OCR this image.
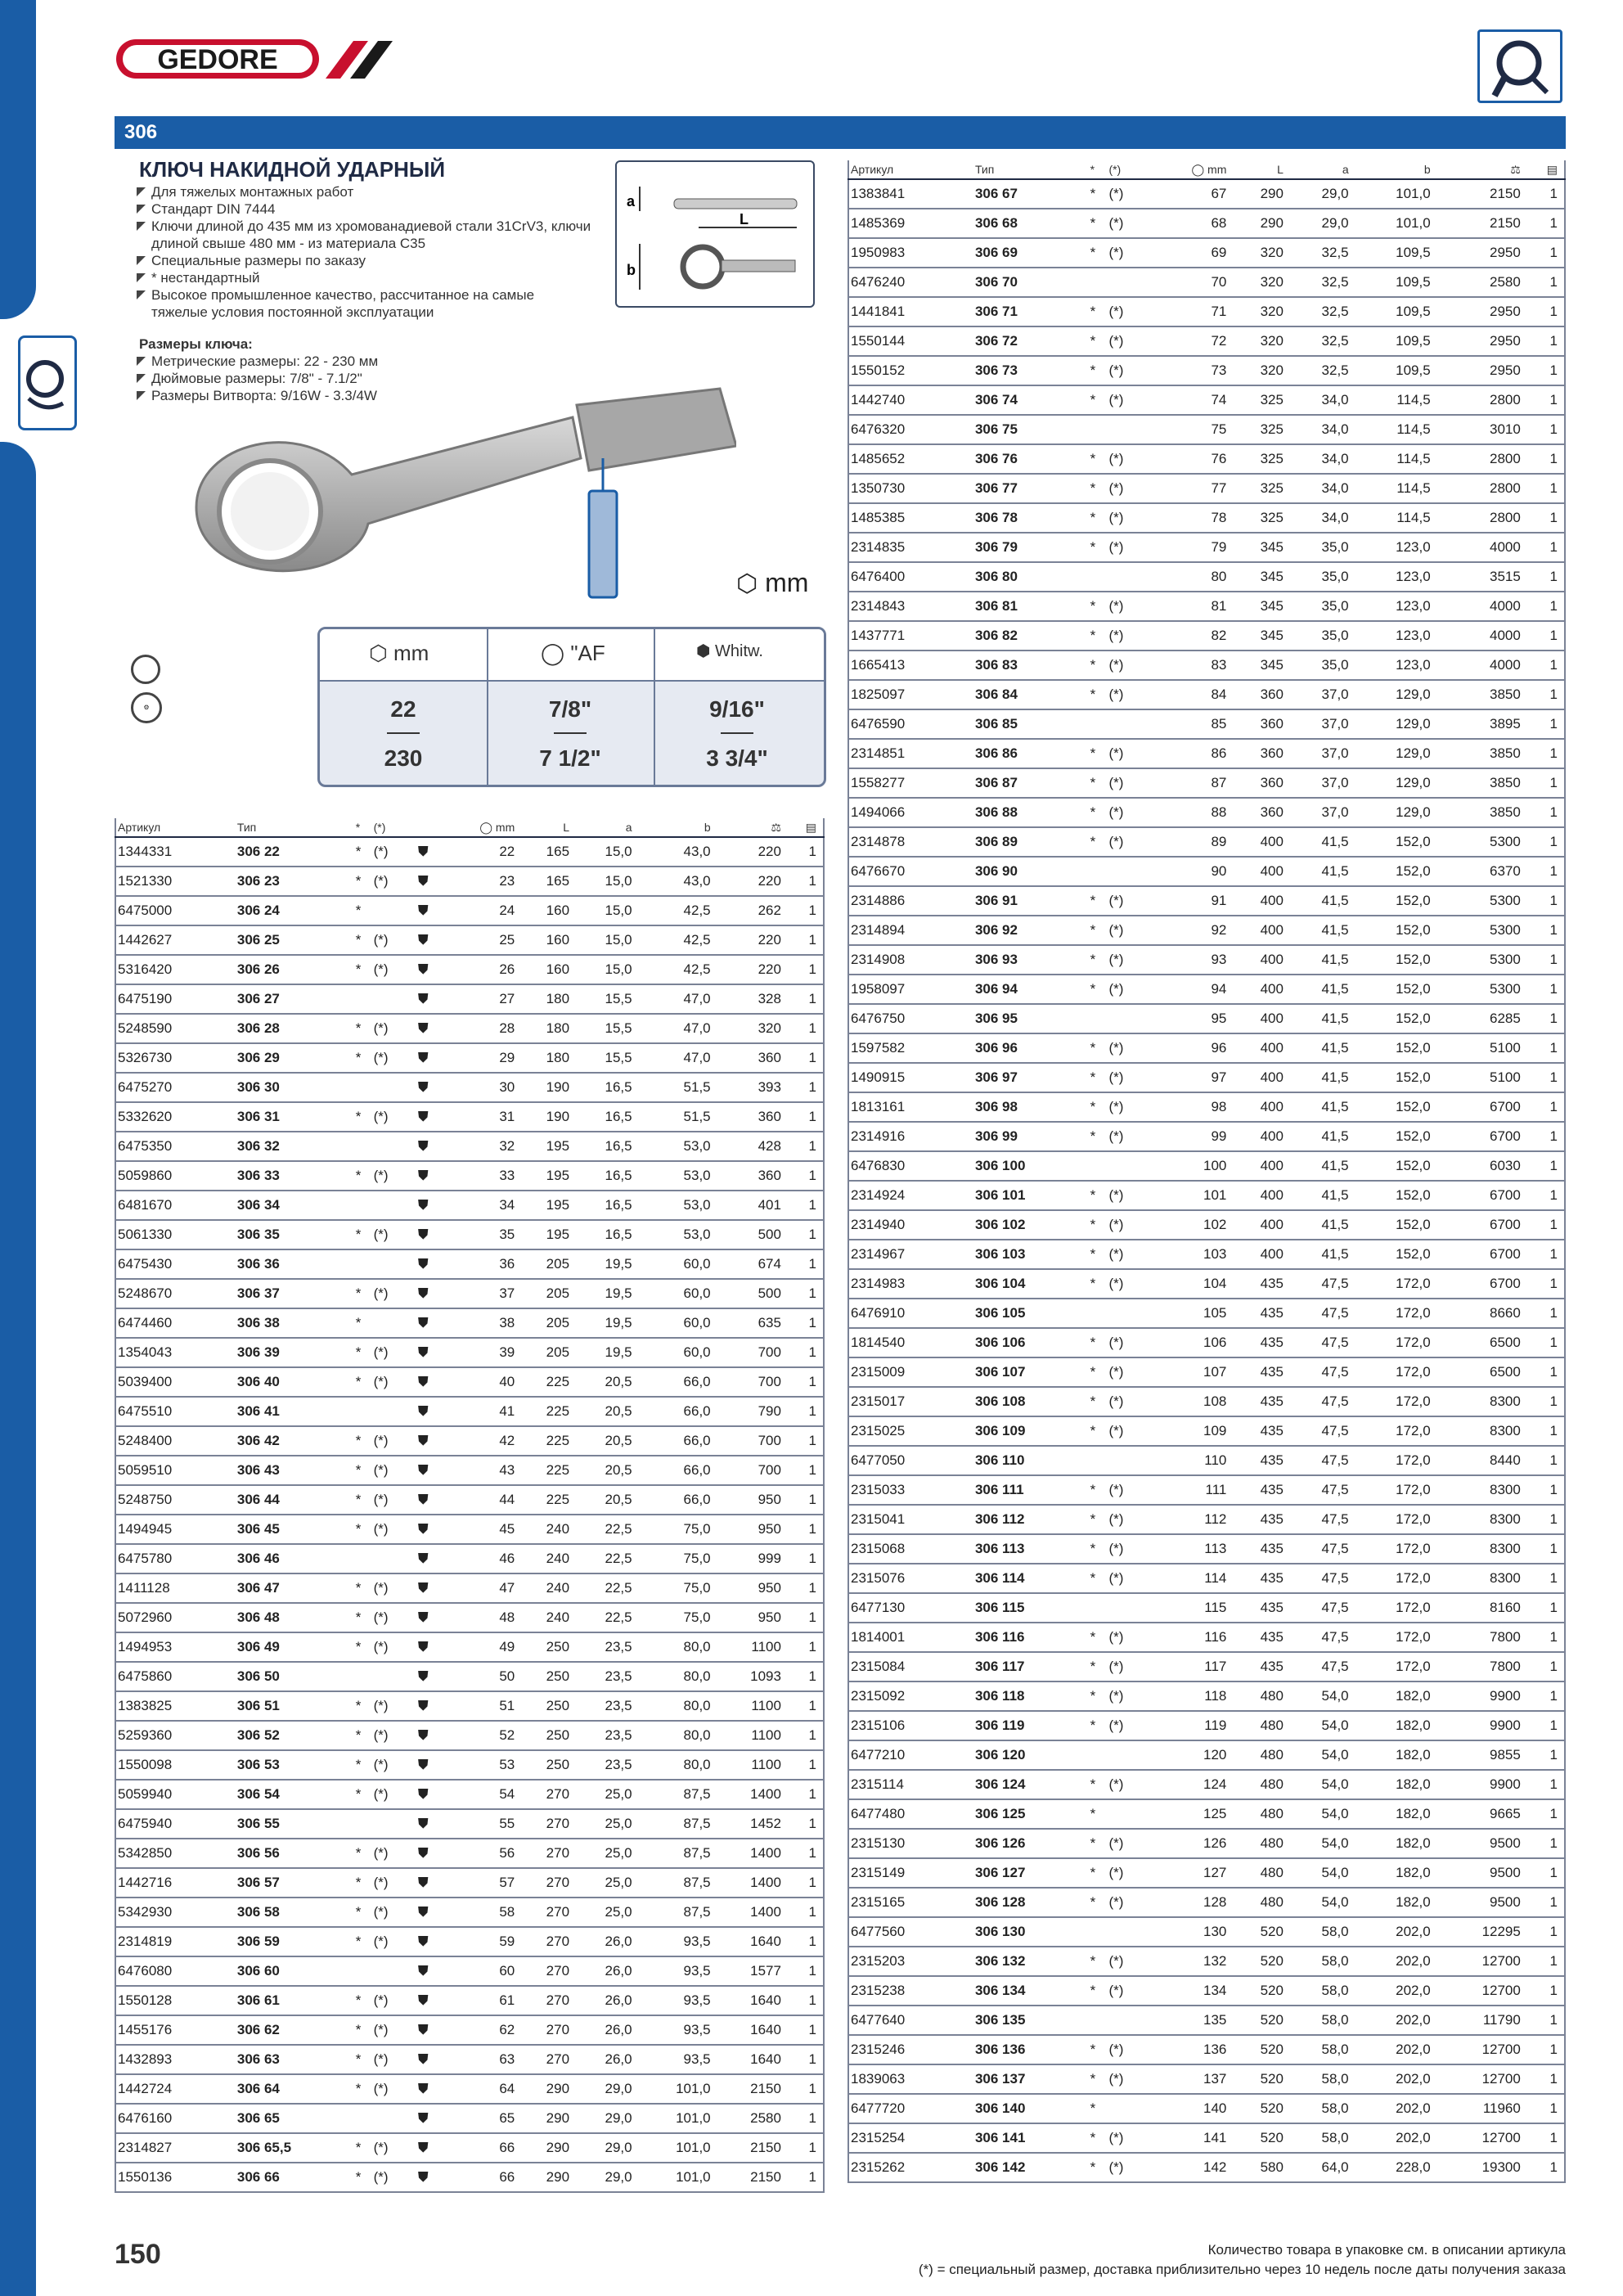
GEDORE
306
КЛЮЧ НАКИДНОЙ УДАРНЫЙ
Для тяжелых монтажных работ
Стандарт DIN 7444
Ключи длиной до 435 мм из хромованадиевой стали 31CrV3, ключи длиной свыше 480 мм - из материала C35
Специальные размеры по заказу
* нестандартный
Высокое промышленное качество, рассчитанное на самые тяжелые условия постоянной эксплуатации
Размеры ключа:
Метрические размеры: 22 - 230 мм
Дюймовые размеры: 7/8" - 7.1/2"
Размеры Витворта: 9/16W - 3.3/4W
a
b
L
⬡ mm
⚙
⬡ mm	◯ "AF	⬢ Whitw.
22
230
7/8"
7 1/2"
9/16"
3 3/4"
Артикул	Тип	*	(*)		◯ mm	L	a	b	⚖	▤
1344331	306 22	*	(*)	⛊	22	165	15,0	43,0	220	1
1521330	306 23	*	(*)	⛊	23	165	15,0	43,0	220	1
6475000	306 24	*		⛊	24	160	15,0	42,5	262	1
1442627	306 25	*	(*)	⛊	25	160	15,0	42,5	220	1
5316420	306 26	*	(*)	⛊	26	160	15,0	42,5	220	1
6475190	306 27			⛊	27	180	15,5	47,0	328	1
5248590	306 28	*	(*)	⛊	28	180	15,5	47,0	320	1
5326730	306 29	*	(*)	⛊	29	180	15,5	47,0	360	1
6475270	306 30			⛊	30	190	16,5	51,5	393	1
5332620	306 31	*	(*)	⛊	31	190	16,5	51,5	360	1
6475350	306 32			⛊	32	195	16,5	53,0	428	1
5059860	306 33	*	(*)	⛊	33	195	16,5	53,0	360	1
6481670	306 34			⛊	34	195	16,5	53,0	401	1
5061330	306 35	*	(*)	⛊	35	195	16,5	53,0	500	1
6475430	306 36			⛊	36	205	19,5	60,0	674	1
5248670	306 37	*	(*)	⛊	37	205	19,5	60,0	500	1
6474460	306 38	*		⛊	38	205	19,5	60,0	635	1
1354043	306 39	*	(*)	⛊	39	205	19,5	60,0	700	1
5039400	306 40	*	(*)	⛊	40	225	20,5	66,0	700	1
6475510	306 41			⛊	41	225	20,5	66,0	790	1
5248400	306 42	*	(*)	⛊	42	225	20,5	66,0	700	1
5059510	306 43	*	(*)	⛊	43	225	20,5	66,0	700	1
5248750	306 44	*	(*)	⛊	44	225	20,5	66,0	950	1
1494945	306 45	*	(*)	⛊	45	240	22,5	75,0	950	1
6475780	306 46			⛊	46	240	22,5	75,0	999	1
1411128	306 47	*	(*)	⛊	47	240	22,5	75,0	950	1
5072960	306 48	*	(*)	⛊	48	240	22,5	75,0	950	1
1494953	306 49	*	(*)	⛊	49	250	23,5	80,0	1100	1
6475860	306 50			⛊	50	250	23,5	80,0	1093	1
1383825	306 51	*	(*)	⛊	51	250	23,5	80,0	1100	1
5259360	306 52	*	(*)	⛊	52	250	23,5	80,0	1100	1
1550098	306 53	*	(*)	⛊	53	250	23,5	80,0	1100	1
5059940	306 54	*	(*)	⛊	54	270	25,0	87,5	1400	1
6475940	306 55			⛊	55	270	25,0	87,5	1452	1
5342850	306 56	*	(*)	⛊	56	270	25,0	87,5	1400	1
1442716	306 57	*	(*)	⛊	57	270	25,0	87,5	1400	1
5342930	306 58	*	(*)	⛊	58	270	25,0	87,5	1400	1
2314819	306 59	*	(*)	⛊	59	270	26,0	93,5	1640	1
6476080	306 60			⛊	60	270	26,0	93,5	1577	1
1550128	306 61	*	(*)	⛊	61	270	26,0	93,5	1640	1
1455176	306 62	*	(*)	⛊	62	270	26,0	93,5	1640	1
1432893	306 63	*	(*)	⛊	63	270	26,0	93,5	1640	1
1442724	306 64	*	(*)	⛊	64	290	29,0	101,0	2150	1
6476160	306 65			⛊	65	290	29,0	101,0	2580	1
2314827	306 65,5	*	(*)	⛊	66	290	29,0	101,0	2150	1
1550136	306 66	*	(*)	⛊	66	290	29,0	101,0	2150	1
Артикул	Тип	*	(*)	◯ mm	L	a	b	⚖	▤
1383841	306 67	*	(*)	67	290	29,0	101,0	2150	1
1485369	306 68	*	(*)	68	290	29,0	101,0	2150	1
1950983	306 69	*	(*)	69	320	32,5	109,5	2950	1
6476240	306 70			70	320	32,5	109,5	2580	1
1441841	306 71	*	(*)	71	320	32,5	109,5	2950	1
1550144	306 72	*	(*)	72	320	32,5	109,5	2950	1
1550152	306 73	*	(*)	73	320	32,5	109,5	2950	1
1442740	306 74	*	(*)	74	325	34,0	114,5	2800	1
6476320	306 75			75	325	34,0	114,5	3010	1
1485652	306 76	*	(*)	76	325	34,0	114,5	2800	1
1350730	306 77	*	(*)	77	325	34,0	114,5	2800	1
1485385	306 78	*	(*)	78	325	34,0	114,5	2800	1
2314835	306 79	*	(*)	79	345	35,0	123,0	4000	1
6476400	306 80			80	345	35,0	123,0	3515	1
2314843	306 81	*	(*)	81	345	35,0	123,0	4000	1
1437771	306 82	*	(*)	82	345	35,0	123,0	4000	1
1665413	306 83	*	(*)	83	345	35,0	123,0	4000	1
1825097	306 84	*	(*)	84	360	37,0	129,0	3850	1
6476590	306 85			85	360	37,0	129,0	3895	1
2314851	306 86	*	(*)	86	360	37,0	129,0	3850	1
1558277	306 87	*	(*)	87	360	37,0	129,0	3850	1
1494066	306 88	*	(*)	88	360	37,0	129,0	3850	1
2314878	306 89	*	(*)	89	400	41,5	152,0	5300	1
6476670	306 90			90	400	41,5	152,0	6370	1
2314886	306 91	*	(*)	91	400	41,5	152,0	5300	1
2314894	306 92	*	(*)	92	400	41,5	152,0	5300	1
2314908	306 93	*	(*)	93	400	41,5	152,0	5300	1
1958097	306 94	*	(*)	94	400	41,5	152,0	5300	1
6476750	306 95			95	400	41,5	152,0	6285	1
1597582	306 96	*	(*)	96	400	41,5	152,0	5100	1
1490915	306 97	*	(*)	97	400	41,5	152,0	5100	1
1813161	306 98	*	(*)	98	400	41,5	152,0	6700	1
2314916	306 99	*	(*)	99	400	41,5	152,0	6700	1
6476830	306 100			100	400	41,5	152,0	6030	1
2314924	306 101	*	(*)	101	400	41,5	152,0	6700	1
2314940	306 102	*	(*)	102	400	41,5	152,0	6700	1
2314967	306 103	*	(*)	103	400	41,5	152,0	6700	1
2314983	306 104	*	(*)	104	435	47,5	172,0	6700	1
6476910	306 105			105	435	47,5	172,0	8660	1
1814540	306 106	*	(*)	106	435	47,5	172,0	6500	1
2315009	306 107	*	(*)	107	435	47,5	172,0	6500	1
2315017	306 108	*	(*)	108	435	47,5	172,0	8300	1
2315025	306 109	*	(*)	109	435	47,5	172,0	8300	1
6477050	306 110			110	435	47,5	172,0	8440	1
2315033	306 111	*	(*)	111	435	47,5	172,0	8300	1
2315041	306 112	*	(*)	112	435	47,5	172,0	8300	1
2315068	306 113	*	(*)	113	435	47,5	172,0	8300	1
2315076	306 114	*	(*)	114	435	47,5	172,0	8300	1
6477130	306 115			115	435	47,5	172,0	8160	1
1814001	306 116	*	(*)	116	435	47,5	172,0	7800	1
2315084	306 117	*	(*)	117	435	47,5	172,0	7800	1
2315092	306 118	*	(*)	118	480	54,0	182,0	9900	1
2315106	306 119	*	(*)	119	480	54,0	182,0	9900	1
6477210	306 120			120	480	54,0	182,0	9855	1
2315114	306 124	*	(*)	124	480	54,0	182,0	9900	1
6477480	306 125	*		125	480	54,0	182,0	9665	1
2315130	306 126	*	(*)	126	480	54,0	182,0	9500	1
2315149	306 127	*	(*)	127	480	54,0	182,0	9500	1
2315165	306 128	*	(*)	128	480	54,0	182,0	9500	1
6477560	306 130			130	520	58,0	202,0	12295	1
2315203	306 132	*	(*)	132	520	58,0	202,0	12700	1
2315238	306 134	*	(*)	134	520	58,0	202,0	12700	1
6477640	306 135			135	520	58,0	202,0	11790	1
2315246	306 136	*	(*)	136	520	58,0	202,0	12700	1
1839063	306 137	*	(*)	137	520	58,0	202,0	12700	1
6477720	306 140	*		140	520	58,0	202,0	11960	1
2315254	306 141	*	(*)	141	520	58,0	202,0	12700	1
2315262	306 142	*	(*)	142	580	64,0	228,0	19300	1
150	Количество товара в упаковке см. в описании артикула
(*) = специальный размер, доставка приблизительно через 10 недель после даты получения заказа
